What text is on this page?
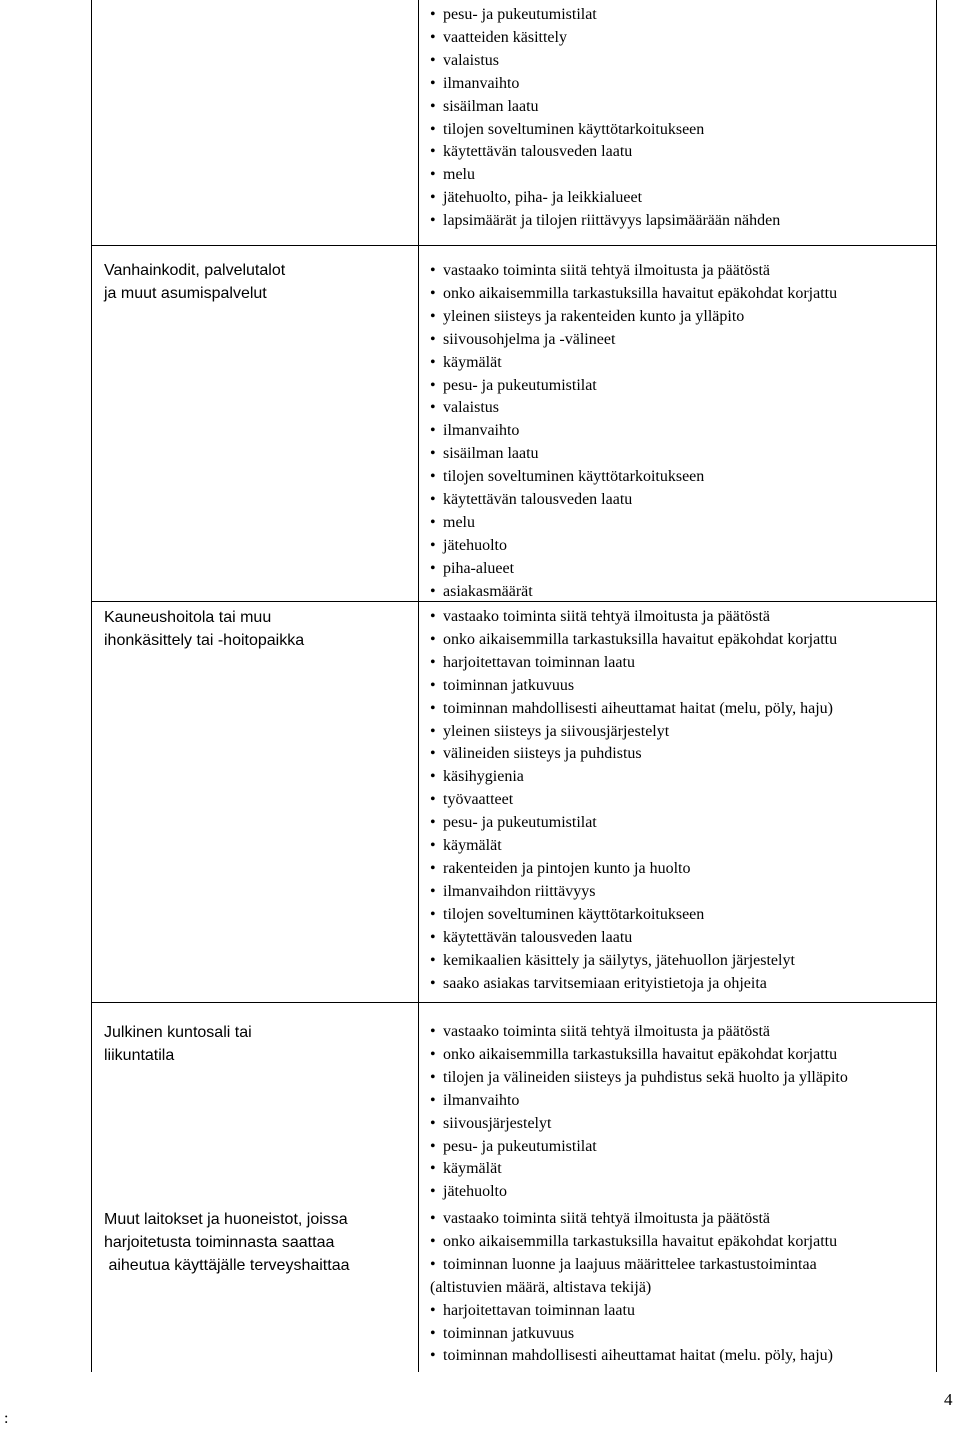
• pesu- ja pukeutumistilat
• vaatteiden käsittely
• valaistus
• ilmanvaihto
• sisäilman laatu
• tilojen soveltuminen käyttötarkoitukseen
• käytettävän talousveden laatu
• melu
• jätehuolto, piha- ja leikkialueet
• lapsimäärät ja tilojen riittävyys lapsimäärään nähden
Vanhainkodit, palvelutalot
ja muut asumispalvelut
• vastaako toiminta siitä tehtyä ilmoitusta ja päätöstä
• onko aikaisemmilla tarkastuksilla havaitut epäkohdat korjattu
• yleinen siisteys ja rakenteiden kunto ja ylläpito
• siivousohjelma ja -välineet
• käymälät
• pesu- ja pukeutumistilat
• valaistus
• ilmanvaihto
• sisäilman laatu
• tilojen soveltuminen käyttötarkoitukseen
• käytettävän talousveden laatu
• melu
• jätehuolto
• piha-alueet
• asiakasmäärät
Kauneushoitola tai muu
ihonkäsittely tai -hoitopaikka
• vastaako toiminta siitä tehtyä ilmoitusta ja päätöstä
• onko aikaisemmilla tarkastuksilla havaitut epäkohdat korjattu
• harjoitettavan toiminnan laatu
• toiminnan jatkuvuus
• toiminnan mahdollisesti aiheuttamat haitat (melu, pöly, haju)
• yleinen siisteys ja siivousjärjestelyt
• välineiden siisteys ja puhdistus
• käsihygienia
• työvaatteet
• pesu- ja pukeutumistilat
• käymälät
• rakenteiden ja pintojen kunto ja huolto
• ilmanvaihdon riittävyys
• tilojen soveltuminen käyttötarkoitukseen
• käytettävän talousveden laatu
• kemikaalien käsittely ja säilytys, jätehuollon järjestelyt
• saako asiakas tarvitsemiaan erityistietoja ja ohjeita
Julkinen kuntosali tai
liikuntatila
• vastaako toiminta siitä tehtyä ilmoitusta ja päätöstä
• onko aikaisemmilla tarkastuksilla havaitut epäkohdat korjattu
• tilojen ja välineiden siisteys ja puhdistus sekä huolto ja ylläpito
• ilmanvaihto
• siivousjärjestelyt
• pesu- ja pukeutumistilat
• käymälät
• jätehuolto
Muut laitokset ja huoneistot, joissa
harjoitetusta toiminnasta saattaa
aiheutua käyttäjälle terveyshaittaa
• vastaako toiminta siitä tehtyä ilmoitusta ja päätöstä
• onko aikaisemmilla tarkastuksilla havaitut epäkohdat korjattu
• toiminnan luonne ja laajuus määrittelee tarkastustoimintaa
(altistuvien määrä, altistava tekijä)
• harjoitettavan toiminnan laatu
• toiminnan jatkuvuus
• toiminnan mahdollisesti aiheuttamat haitat (melu. pöly, haju)
4
:
